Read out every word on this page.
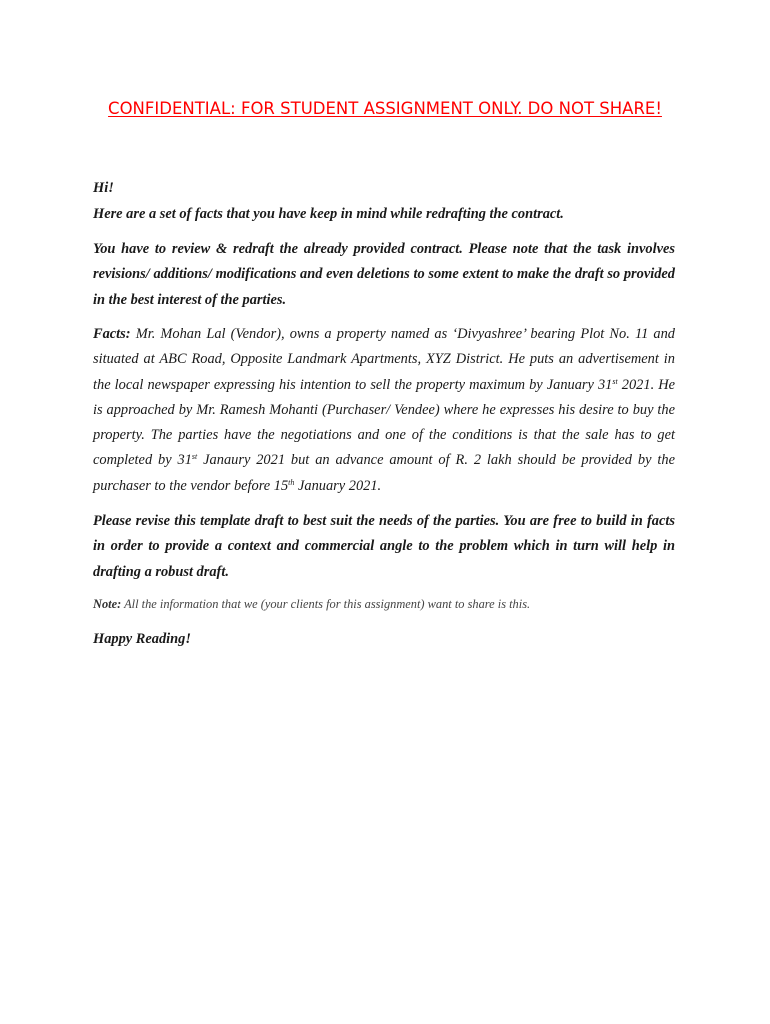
CONFIDENTIAL: FOR STUDENT ASSIGNMENT ONLY. DO NOT SHARE!
Hi!
Here are a set of facts that you have keep in mind while redrafting the contract.
You have to review & redraft the already provided contract. Please note that the task involves revisions/ additions/ modifications and even deletions to some extent to make the draft so provided in the best interest of the parties.
Facts: Mr. Mohan Lal (Vendor), owns a property named as ‘Divyashree’ bearing Plot No. 11 and situated at ABC Road, Opposite Landmark Apartments, XYZ District. He puts an advertisement in the local newspaper expressing his intention to sell the property maximum by January 31st 2021. He is approached by Mr. Ramesh Mohanti (Purchaser/ Vendee) where he expresses his desire to buy the property. The parties have the negotiations and one of the conditions is that the sale has to get completed by 31st Janaury 2021 but an advance amount of R. 2 lakh should be provided by the purchaser to the vendor before 15th January 2021.
Please revise this template draft to best suit the needs of the parties. You are free to build in facts in order to provide a context and commercial angle to the problem which in turn will help in drafting a robust draft.
Note: All the information that we (your clients for this assignment) want to share is this.
Happy Reading!
